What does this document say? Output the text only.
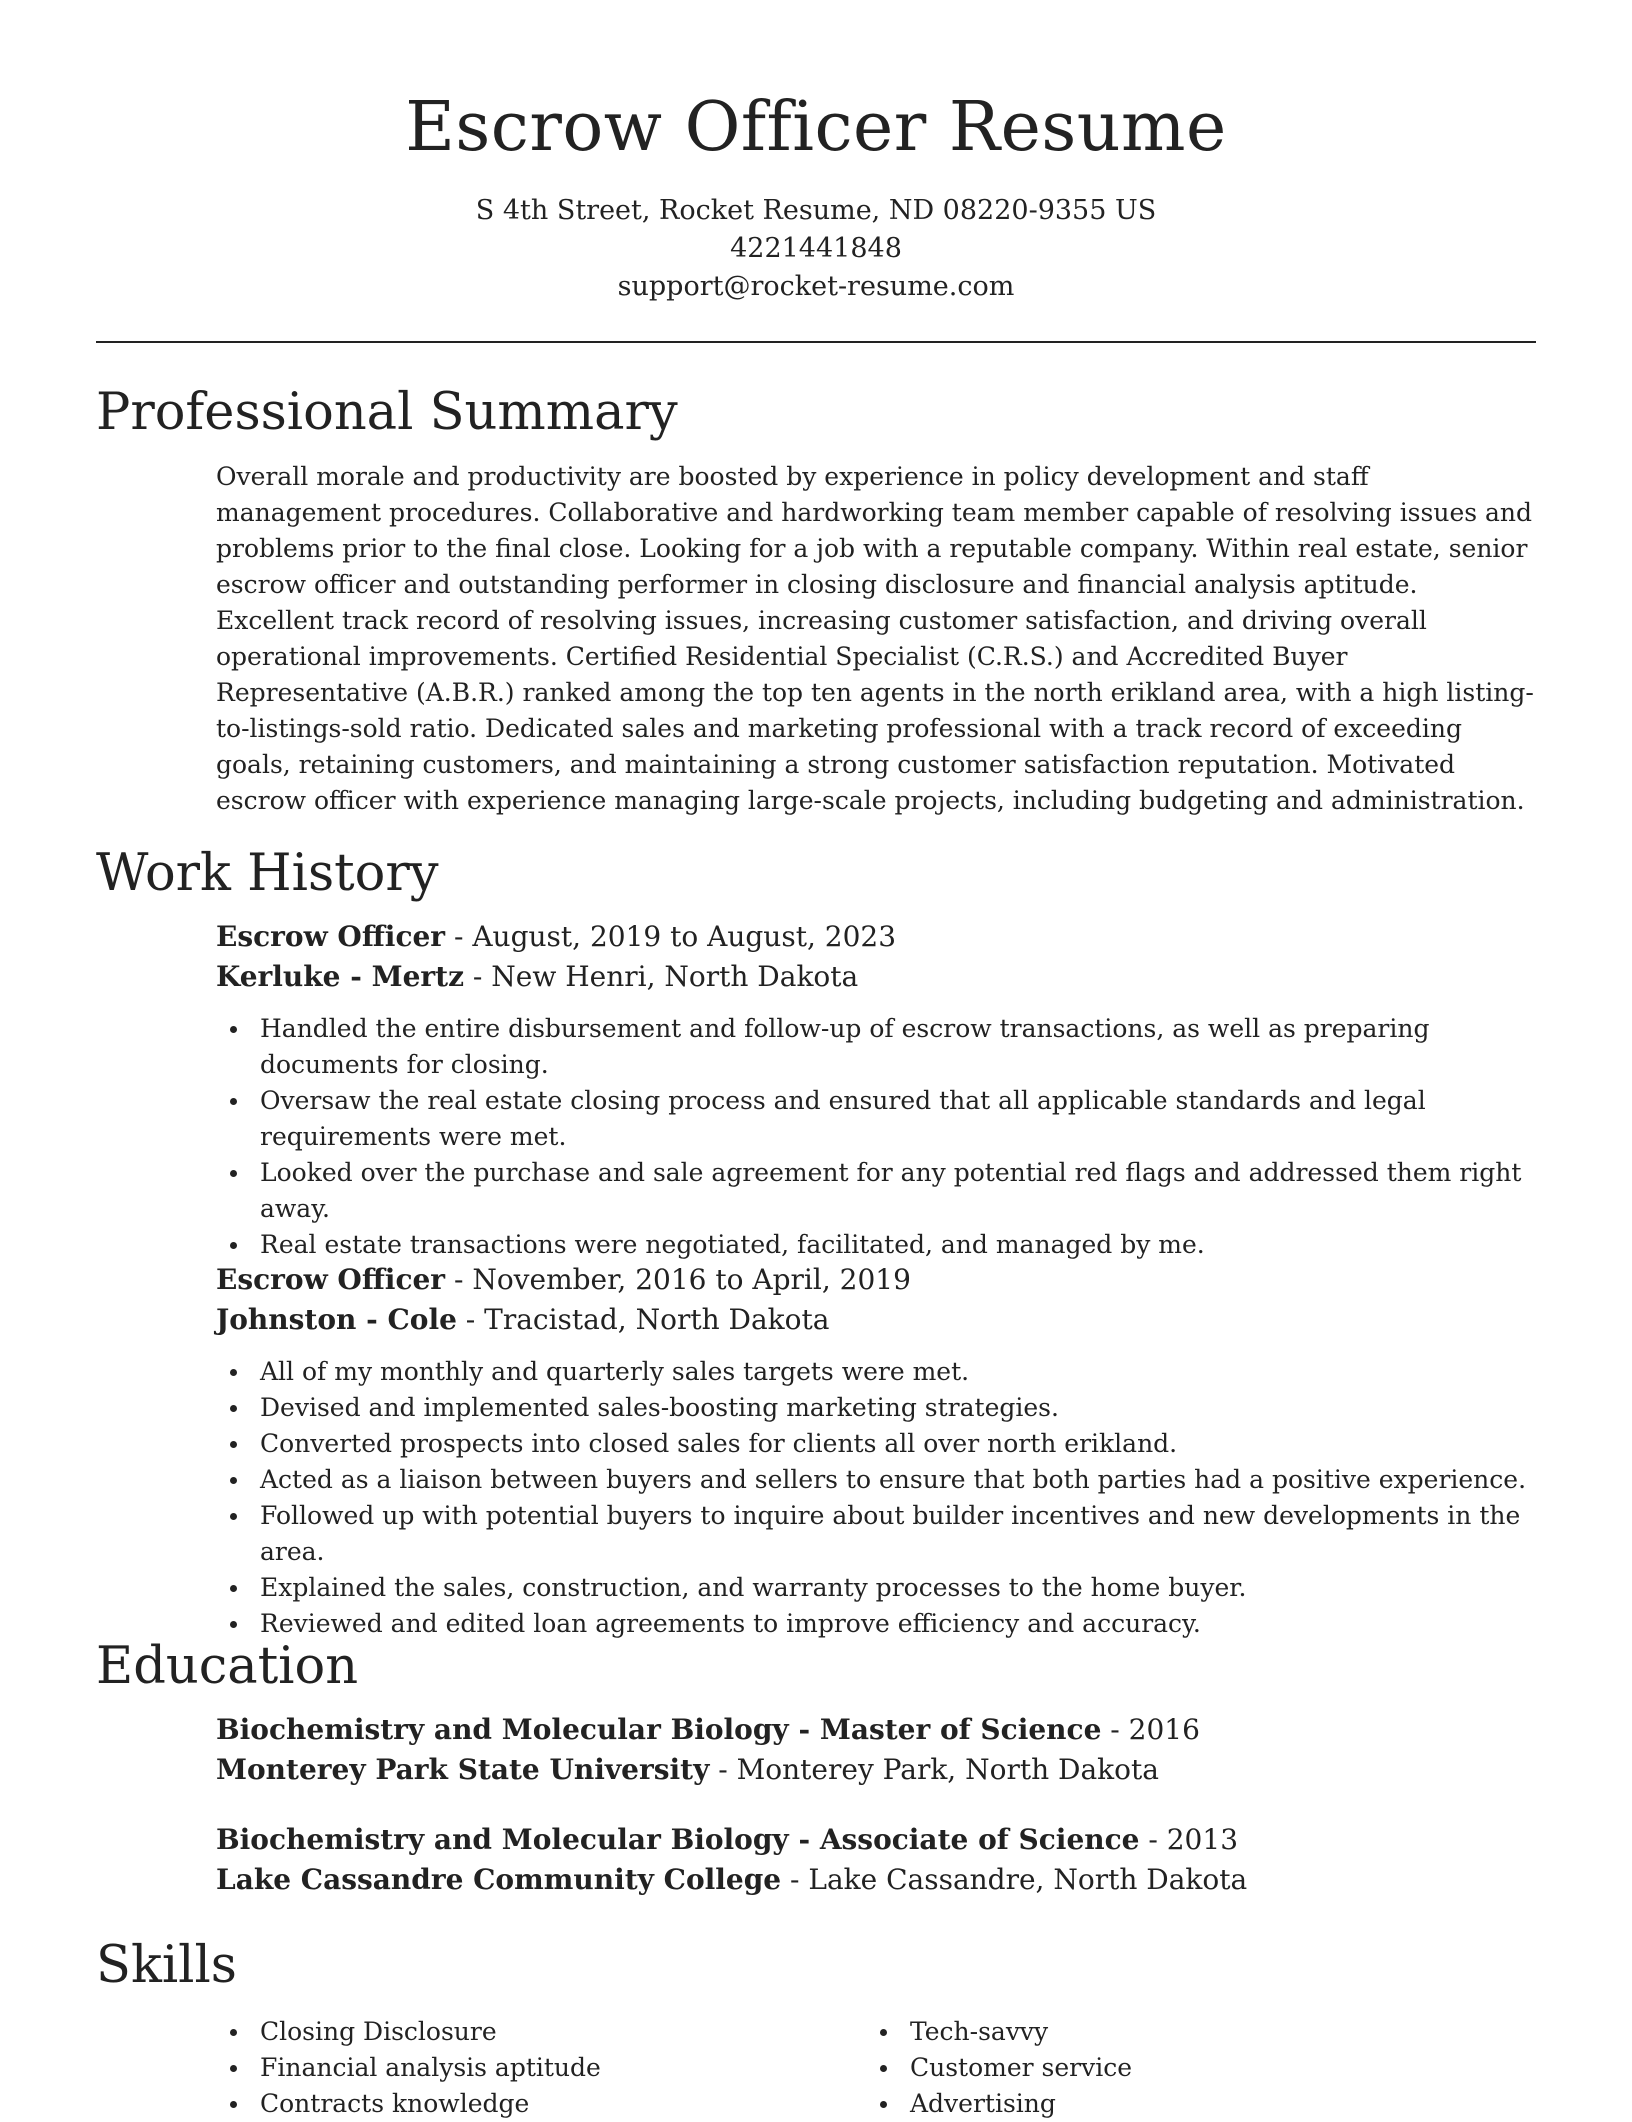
Escrow Officer Resume
S 4th Street, Rocket Resume, ND 08220-9355 US
4221441848
support@rocket-resume.com
Professional Summary

Overall morale and productivity are boosted by experience in policy development and staff management procedures. Collaborative and hardworking team member capable of resolving issues and problems prior to the final close. Looking for a job with a reputable company. Within real estate, senior escrow officer and outstanding performer in closing disclosure and financial analysis aptitude. Excellent track record of resolving issues, increasing customer satisfaction, and driving overall operational improvements. Certified Residential Specialist (C.R.S.) and Accredited Buyer Representative (A.B.R.) ranked among the top ten agents in the north erikland area, with a high listing-to-listings-sold ratio. Dedicated sales and marketing professional with a track record of exceeding goals, retaining customers, and maintaining a strong customer satisfaction reputation. Motivated escrow officer with experience managing large-scale projects, including budgeting and administration.

Work History
Escrow Officer - August, 2019 to August, 2023
Kerluke - Mertz - New Henri, North Dakota
Handled the entire disbursement and follow-up of escrow transactions, as well as preparing documents for closing.
Oversaw the real estate closing process and ensured that all applicable standards and legal requirements were met.
Looked over the purchase and sale agreement for any potential red flags and addressed them right away.
Real estate transactions were negotiated, facilitated, and managed by me.
Escrow Officer - November, 2016 to April, 2019
Johnston - Cole - Tracistad, North Dakota
All of my monthly and quarterly sales targets were met.
Devised and implemented sales-boosting marketing strategies.
Converted prospects into closed sales for clients all over north erikland.
Acted as a liaison between buyers and sellers to ensure that both parties had a positive experience.
Followed up with potential buyers to inquire about builder incentives and new developments in the area.
Explained the sales, construction, and warranty processes to the home buyer.
Reviewed and edited loan agreements to improve efficiency and accuracy.
Education
Biochemistry and Molecular Biology - Master of Science - 2016
Monterey Park State University - Monterey Park, North Dakota
Biochemistry and Molecular Biology - Associate of Science - 2013
Lake Cassandre Community College - Lake Cassandre, North Dakota
Skills
Closing Disclosure
Financial analysis aptitude
Contracts knowledge
Tech-savvy
Customer service
Advertising
